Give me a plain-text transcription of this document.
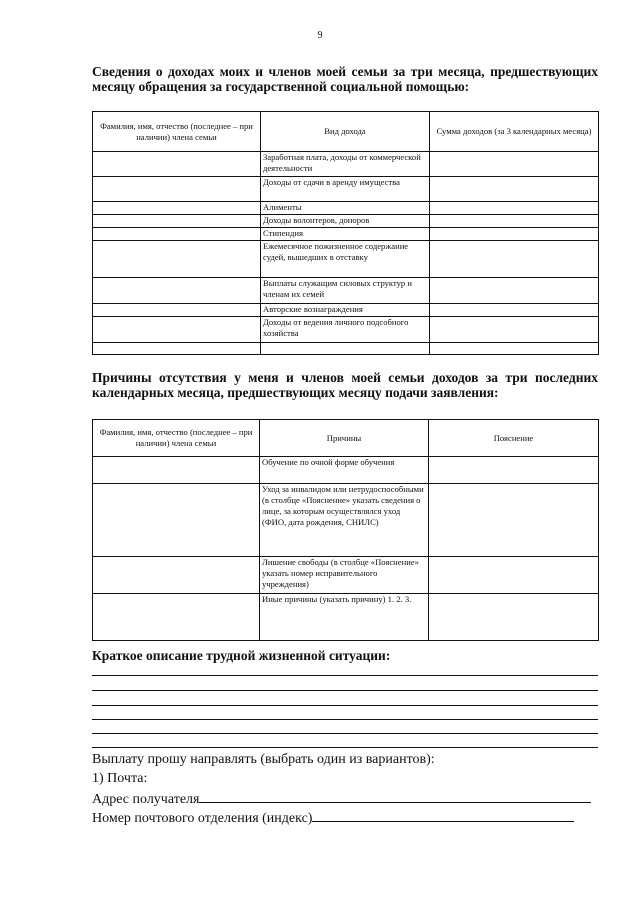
9
Сведения о доходах моих и членов моей семьи за три месяца, предшествующих месяцу обращения за государственной социальной помощью:
Фамилия, имя, отчество (последнее – при наличии) члена семьи	Вид дохода	Сумма доходов (за 3 календарных месяца)
	Заработная плата, доходы от коммерческой деятельности	
	Доходы от сдачи в аренду имущества	
	Алименты	
	Доходы волонтеров, доноров	
	Стипендия	
	Ежемесячное пожизненное содержание судей, вышедших в отставку	
	Выплаты служащим силовых структур и членам их семей	
	Авторские вознаграждения	
	Доходы от ведения личного подсобного хозяйства	

Причины отсутствия у меня и членов моей семьи доходов за три последних календарных месяца, предшествующих месяцу подачи заявления:
Фамилия, имя, отчество (последнее – при наличии) члена семьи	Причины	Пояснение
	Обучение по очной форме обучения	
	Уход за инвалидом или нетрудоспособными (в столбце «Пояснение» указать сведения о лице, за которым осуществлялся уход (ФИО, дата рождения, СНИЛС)	
	Лишение свободы (в столбце «Пояснение» указать номер исправительного учреждения)	
	Иные причины (указать причину) 1. 2. 3.	
Краткое описание трудной жизненной ситуации:
Выплату прошу направлять (выбрать один из вариантов):
1) Почта:
Адрес получателя
Номер почтового отделения (индекс)
